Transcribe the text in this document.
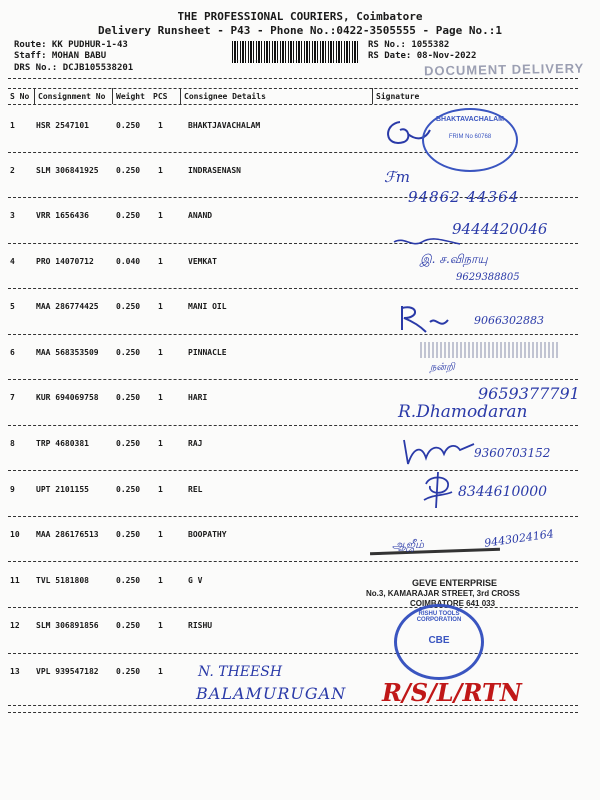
THE PROFESSIONAL COURIERS, Coimbatore
Delivery Runsheet - P43 - Phone No.:0422-3505555 - Page No.:1
Route: KK PUDHUR-1-43
Staff: MOHAN BABU
DRS No.: DCJB105538201
RS No.: 1055382
RS Date: 08-Nov-2022
DOCUMENT DELIVERY
S No Consignment No Weight PCS Consignee Details	Signature
1	HSR 2547101	0.250 1	BHAKTJAVACHALAM
2	SLM 306841925 0.250 1	INDRASENASN
3	VRR 1656436	0.250 1	ANAND
4	PRO 14070712	0.040 1	VEMKAT
5	MAA 286774425 0.250 1	MANI OIL
6	MAA 568353509 0.250 1	PINNACLE
7	KUR 694069758 0.250 1	HARI
8	TRP 4680381	0.250 1	RAJ
9	UPT 2101155	0.250 1	REL
10 MAA 286176513 0.250 1	BOOPATHY
11 TVL 5181808	0.250 1	G V
12 SLM 306891856 0.250 1	RISHU
13 VPL 939547182 0.250 1
BHAKTAVACHALAM
FRIM No 60768
ℱm
94862 44364
9444420046
இ. ச.விநாயு
9629388805
9066302883
நன்றி
9659377791
R.Dhamodaran
9360703152
8344610000
9443024164
ஆஜீம்
GEVE ENTERPRISE
No.3, KAMARAJAR STREET, 3rd CROSS
COIMBATORE 641 033
RISHU TOOLS CORPORATION
CBE
N. THEESH
BALAMURUGAN R/S/L/RTN
